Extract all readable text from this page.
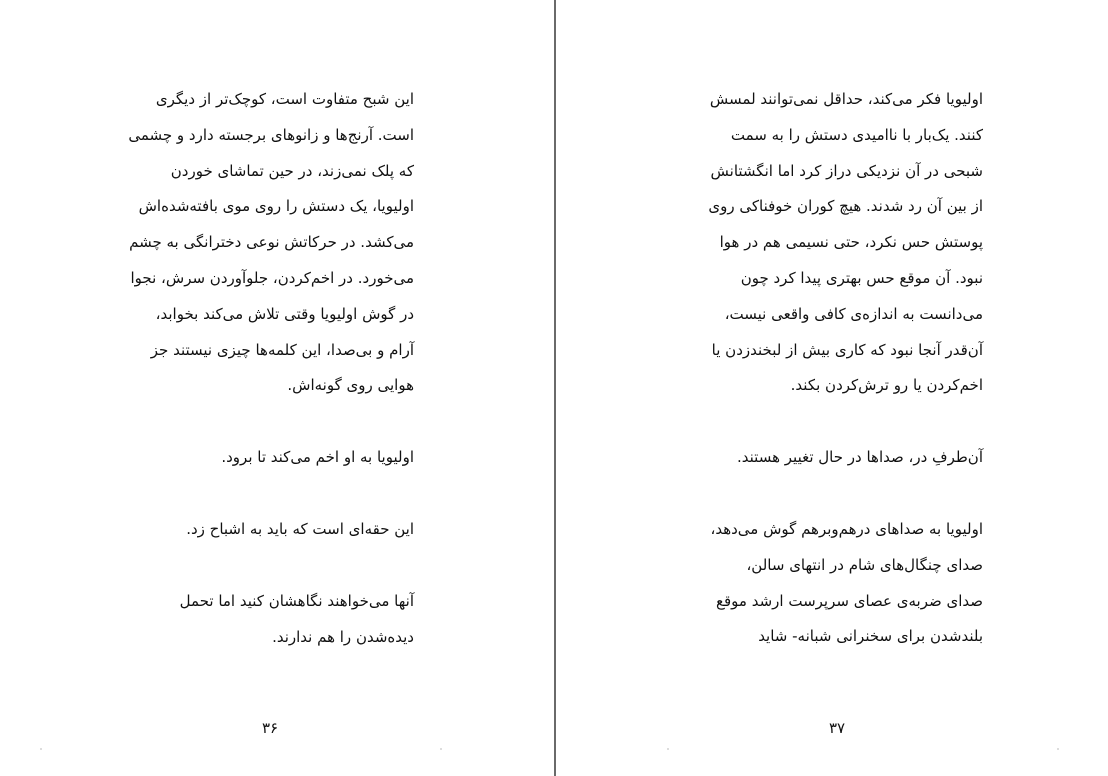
این شبح متفاوت است، کوچک‌تر از دیگری

است. آرنج‌ها و زانوهای برجسته دارد و چشمی

که پلک نمی‌زند، در حین تماشای خوردن

اولیویا، یک دستش را روی موی بافته‌شده‌اش

می‌کشد. در حرکاتش نوعی دخترانگی به چشم

می‌خورد. در اخم‌کردن، جلوآوردن سرش، نجوا

در گوش اولیویا وقتی تلاش می‌کند بخوابد،

آرام و بی‌صدا، این کلمه‌ها چیزی نیستند جز

هوایی روی گونه‌اش.

اولیویا به او اخم می‌کند تا برود.

این حقه‌ای است که باید به اشباح زد.

آنها می‌خواهند نگاهشان کنید اما تحمل

دیده‌شدن را هم ندارند.

۳۶

اولیویا فکر می‌کند، حداقل نمی‌توانند لمسش

کنند. یک‌بار با ناامیدی دستش را به سمت

شبحی در آن نزدیکی دراز کرد اما انگشتانش

از بین آن رد شدند. هیچ کوران خوفناکی روی

پوستش حس نکرد، حتی نسیمی هم در هوا

نبود. آن موقع حس بهتری پیدا کرد چون

می‌دانست به اندازه‌ی کافی واقعی نیست،

آن‌قدر آنجا نبود که کاری بیش از لبخندزدن یا

اخم‌کردن یا رو ترش‌کردن بکند.

آن‌طرفِ در، صداها در حال تغییر هستند.

اولیویا به صداهای درهم‌وبرهم گوش می‌دهد،

صدای چنگال‌های شام در انتهای سالن،

صدای ضربه‌ی عصای سرپرست ارشد موقع

بلندشدن برای سخنرانی شبانه- شاید

۳۷
